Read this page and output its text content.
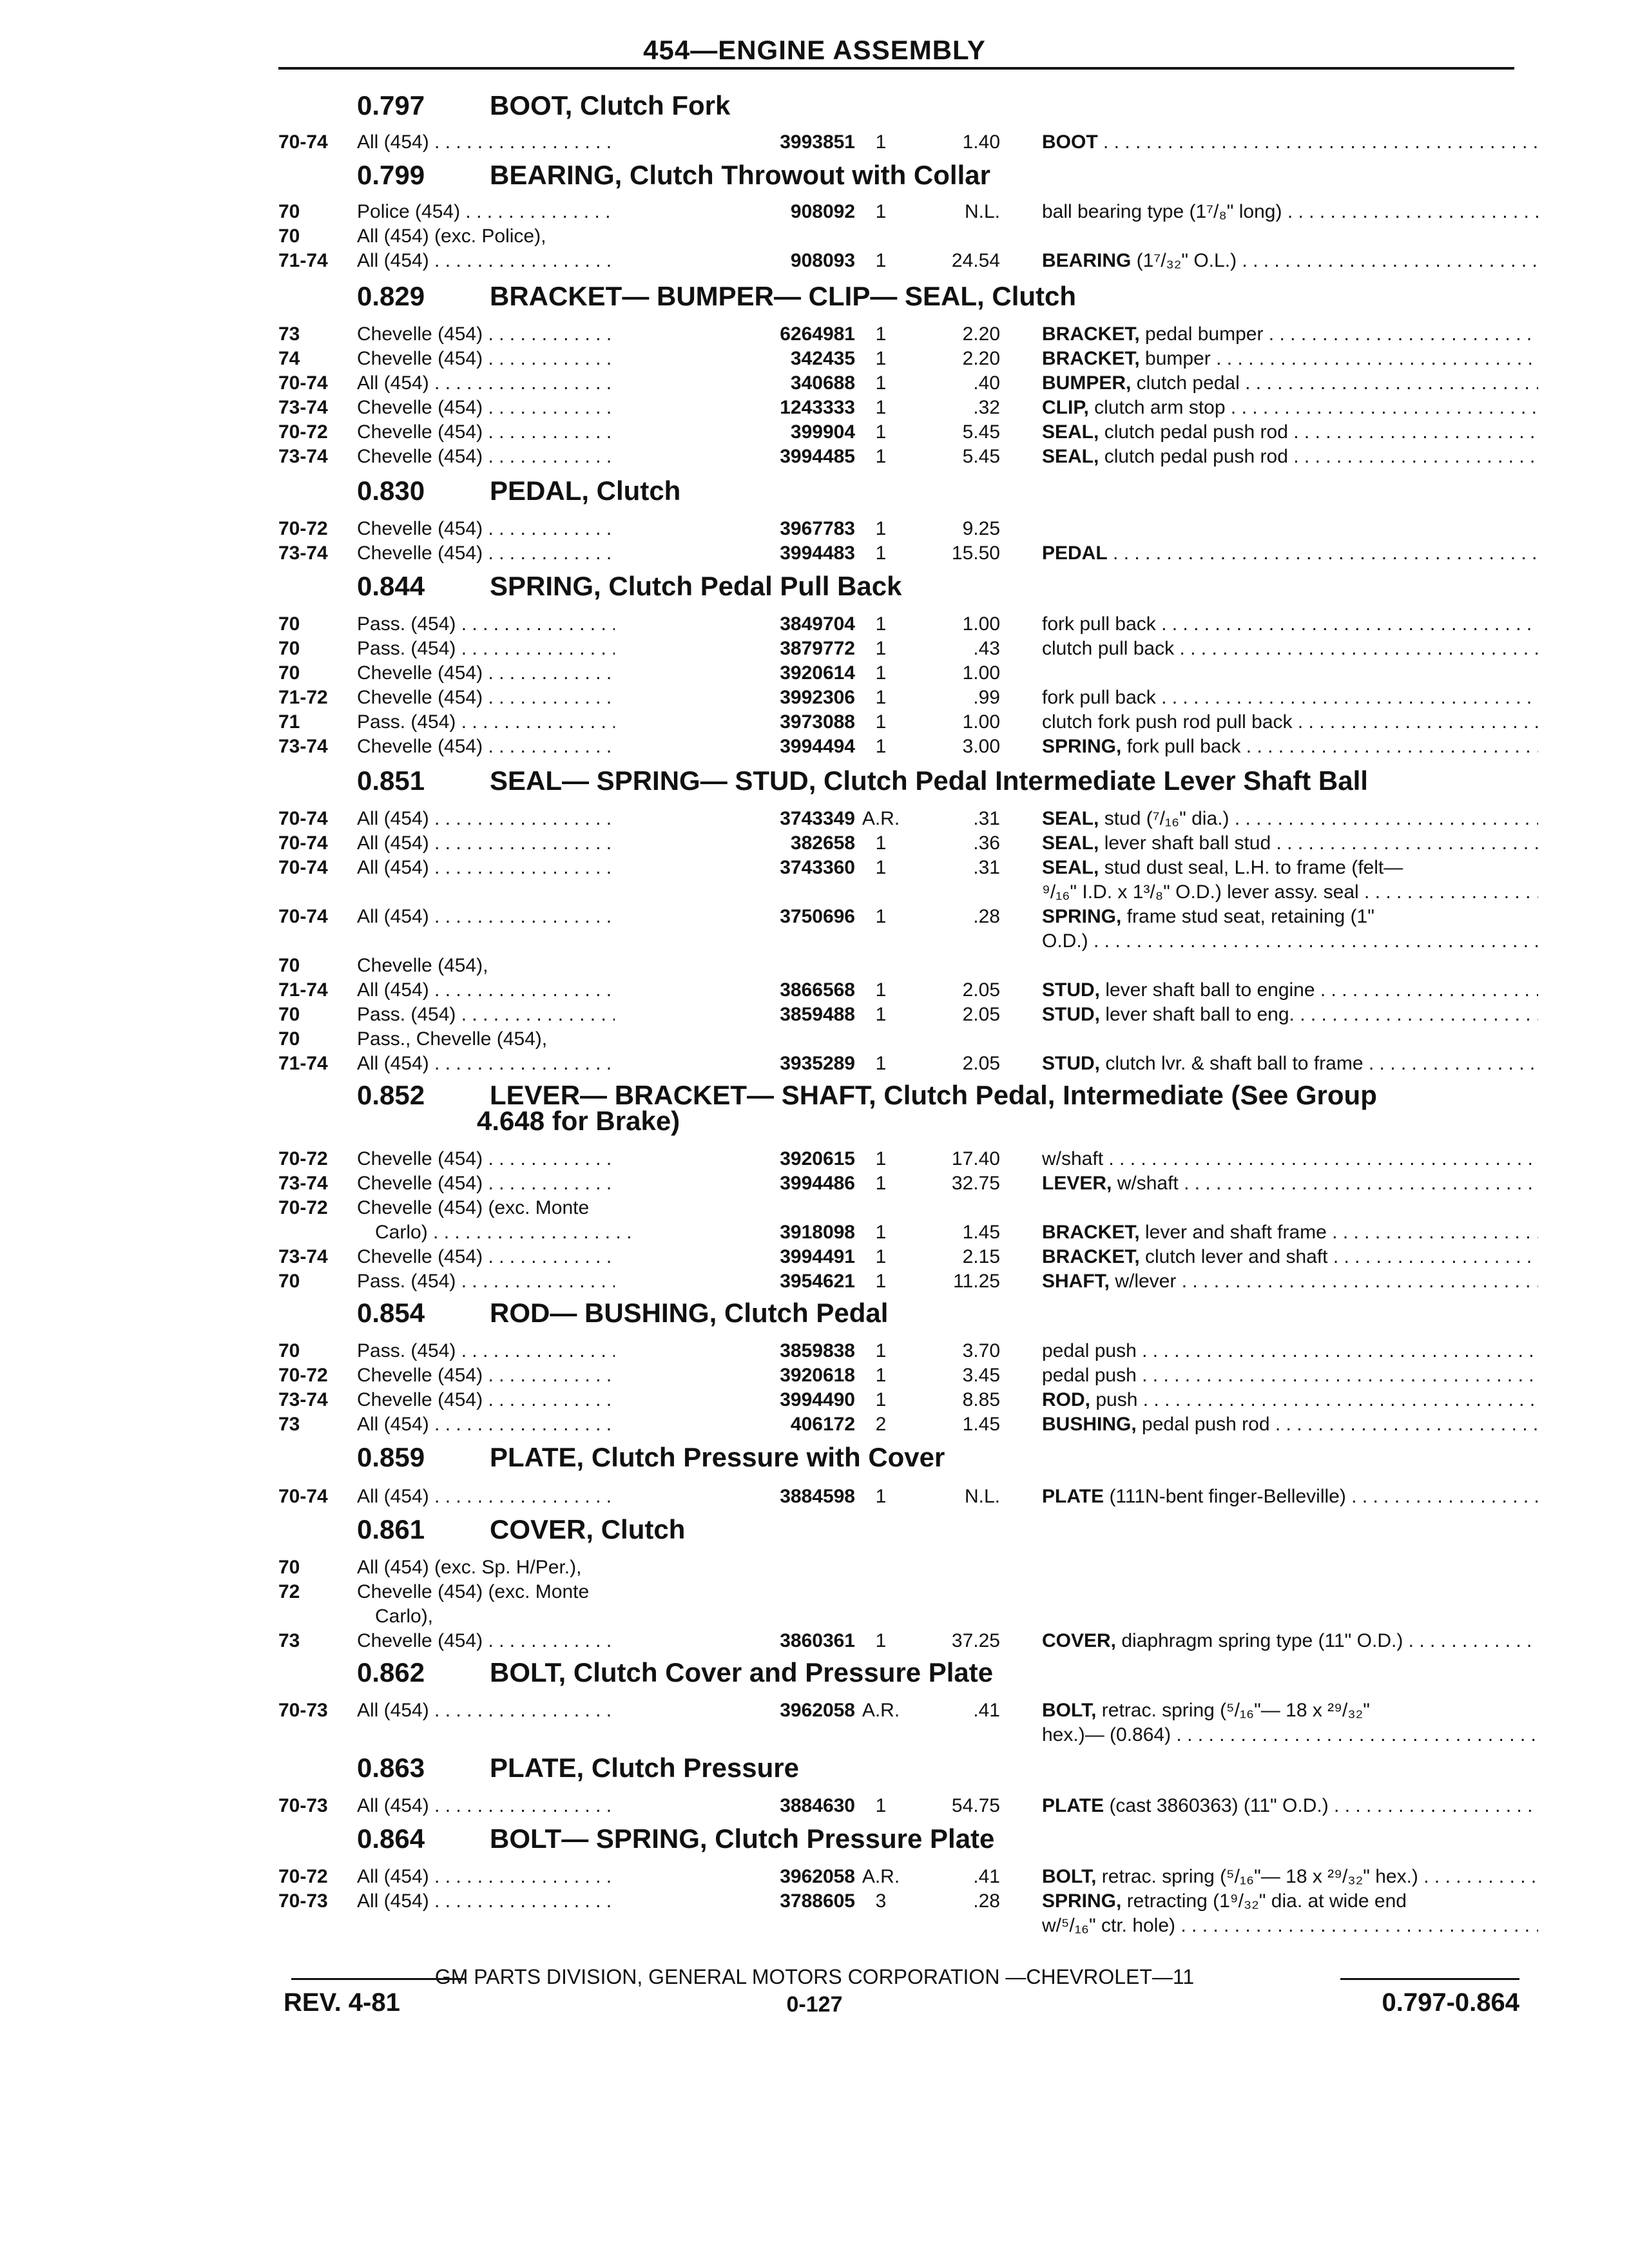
454—ENGINE ASSEMBLY
0.797 BOOT, Clutch Fork
0.799 BEARING, Clutch Throwout with Collar
0.829 BRACKET— BUMPER— CLIP— SEAL, Clutch
0.830 PEDAL, Clutch
0.844 SPRING, Clutch Pedal Pull Back
0.851 SEAL— SPRING— STUD, Clutch Pedal Intermediate Lever Shaft Ball
0.852 LEVER— BRACKET— SHAFT, Clutch Pedal, Intermediate (See Group
4.648 for Brake)
0.854 ROD— BUSHING, Clutch Pedal
0.859 PLATE, Clutch Pressure with Cover
0.861 COVER, Clutch
0.862 BOLT, Clutch Cover and Pressure Plate
0.863 PLATE, Clutch Pressure
0.864 BOLT— SPRING, Clutch Pressure Plate
70-74 All (454) . . .	3993851	1	1.40 BOOT . . .
70	Police (454) . . .	908092	1	N.L. ball bearing type (1⁷/₈" long) . . .
70	All (454) (exc. Police),
71-74 All (454) . . .	908093	1	24.54 BEARING (1⁷/₃₂" O.L.) . . .
73	Chevelle (454) . . .	6264981	1	2.20 BRACKET, pedal bumper . . .
74	Chevelle (454) . . .	342435	1	2.20 BRACKET, bumper . . .
70-74 All (454) . . .	340688	1	.40 BUMPER, clutch pedal . . .
73-74 Chevelle (454) . . .	1243333	1	.32 CLIP, clutch arm stop . . .
70-72 Chevelle (454) . . .	399904	1	5.45 SEAL, clutch pedal push rod . . .
73-74 Chevelle (454) . . .	3994485	1	5.45 SEAL, clutch pedal push rod . . .
70-72 Chevelle (454) . . .	3967783	1	9.25
73-74 Chevelle (454) . . .	3994483	1	15.50 PEDAL . . .
70	Pass. (454) . . .	3849704	1	1.00 fork pull back . . .
70	Pass. (454) . . .	3879772	1	.43 clutch pull back . . .
70	Chevelle (454) . . .	3920614	1	1.00
71-72 Chevelle (454) . . .	3992306	1	.99 fork pull back . . .
71	Pass. (454) . . .	3973088	1	1.00 clutch fork push rod pull back . . .
73-74 Chevelle (454) . . .	3994494	1	3.00 SPRING, fork pull back . . .
70-74 All (454) . . .	3743349 A.R.	.31 SEAL, stud (⁷/₁₆" dia.) . . .
70-74 All (454) . . .	382658	1	.36 SEAL, lever shaft ball stud . . .
70-74 All (454) . . .	3743360	1	.31 SEAL, stud dust seal, L.H. to frame (felt—
⁹/₁₆" I.D. x 1³/₈" O.D.) lever assy. seal . . .
70-74 All (454) . . .	3750696	1	.28 SPRING, frame stud seat, retaining (1"
O.D.) . . .
70	Chevelle (454),
71-74 All (454) . . .	3866568	1	2.05 STUD, lever shaft ball to engine . . .
70	Pass. (454) . . .	3859488	1	2.05 STUD, lever shaft ball to eng. . . .
70	Pass., Chevelle (454),
71-74 All (454) . . .	3935289	1	2.05 STUD, clutch lvr. & shaft ball to frame . . .
70-72 Chevelle (454) . . .	3920615	1	17.40 w/shaft . . .
73-74 Chevelle (454) . . .	3994486	1	32.75 LEVER, w/shaft . . .
70-72 Chevelle (454) (exc. Monte
Carlo) . . .	3918098	1	1.45 BRACKET, lever and shaft frame . . .
73-74 Chevelle (454) . . .	3994491	1	2.15 BRACKET, clutch lever and shaft . . .
70	Pass. (454) . . .	3954621	1	11.25 SHAFT, w/lever . . .
70	Pass. (454) . . .	3859838	1	3.70 pedal push . . .
70-72 Chevelle (454) . . .	3920618	1	3.45 pedal push . . .
73-74 Chevelle (454) . . .	3994490	1	8.85 ROD, push . . .
73	All (454) . . .	406172	2	1.45 BUSHING, pedal push rod . . .
70-74 All (454) . . .	3884598	1	N.L. PLATE (111N-bent finger-Belleville) . . .
70	All (454) (exc. Sp. H/Per.),
72	Chevelle (454) (exc. Monte
Carlo),
73	Chevelle (454) . . .	3860361	1	37.25 COVER, diaphragm spring type (11" O.D.) . . .
70-73 All (454) . . .	3962058 A.R.	.41 BOLT, retrac. spring (⁵/₁₆"— 18 x ²⁹/₃₂"
hex.)— (0.864) . . .
70-73 All (454) . . .	3884630	1	54.75 PLATE (cast 3860363) (11" O.D.) . . .
70-72 All (454) . . .	3962058 A.R.	.41 BOLT, retrac. spring (⁵/₁₆"— 18 x ²⁹/₃₂" hex.) . . .
70-73 All (454) . . .	3788605	3	.28 SPRING, retracting (1⁹/₃₂" dia. at wide end
w/⁵/₁₆" ctr. hole) . . .
GM PARTS DIVISION, GENERAL MOTORS CORPORATION —CHEVROLET—11
REV. 4-81	0-127	0.797-0.864
